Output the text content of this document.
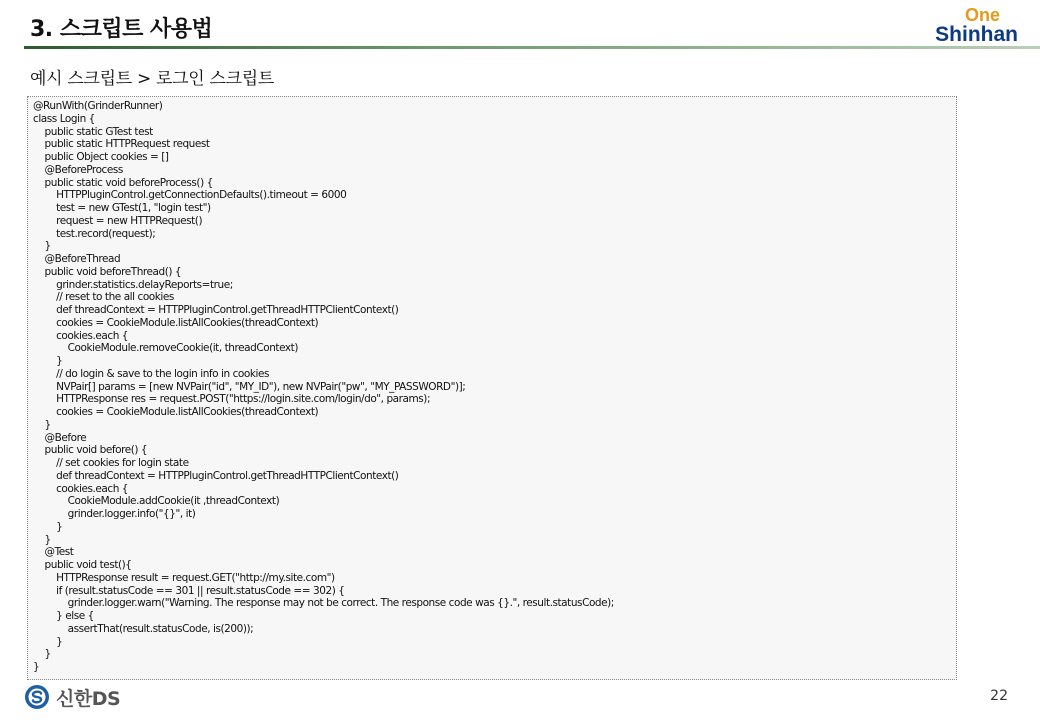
3. 스크립트 사용법
One
Shinhan
예시 스크립트 > 로그인 스크립트
@RunWith(GrinderRunner)
class Login {
public static GTest test
public static HTTPRequest request
public Object cookies = []
@BeforeProcess
public static void beforeProcess() {
HTTPPluginControl.getConnectionDefaults().timeout = 6000
test = new GTest(1, "login test")
request = new HTTPRequest()
test.record(request);
}
@BeforeThread
public void beforeThread() {
grinder.statistics.delayReports=true;
// reset to the all cookies
def threadContext = HTTPPluginControl.getThreadHTTPClientContext()
cookies = CookieModule.listAllCookies(threadContext)
cookies.each {
CookieModule.removeCookie(it, threadContext)
}
// do login & save to the login info in cookies
NVPair[] params = [new NVPair("id", "MY_ID"), new NVPair("pw", "MY_PASSWORD")];
HTTPResponse res = request.POST("https://login.site.com/login/do", params);
cookies = CookieModule.listAllCookies(threadContext)
}
@Before
public void before() {
// set cookies for login state
def threadContext = HTTPPluginControl.getThreadHTTPClientContext()
cookies.each {
CookieModule.addCookie(it ,threadContext)
grinder.logger.info("{}", it)
}
}
@Test
public void test(){
HTTPResponse result = request.GET("http://my.site.com")
if (result.statusCode == 301 || result.statusCode == 302) {
grinder.logger.warn("Warning. The response may not be correct. The response code was {}.", result.statusCode);
} else {
assertThat(result.statusCode, is(200));
}
}
}
신한DS	22
